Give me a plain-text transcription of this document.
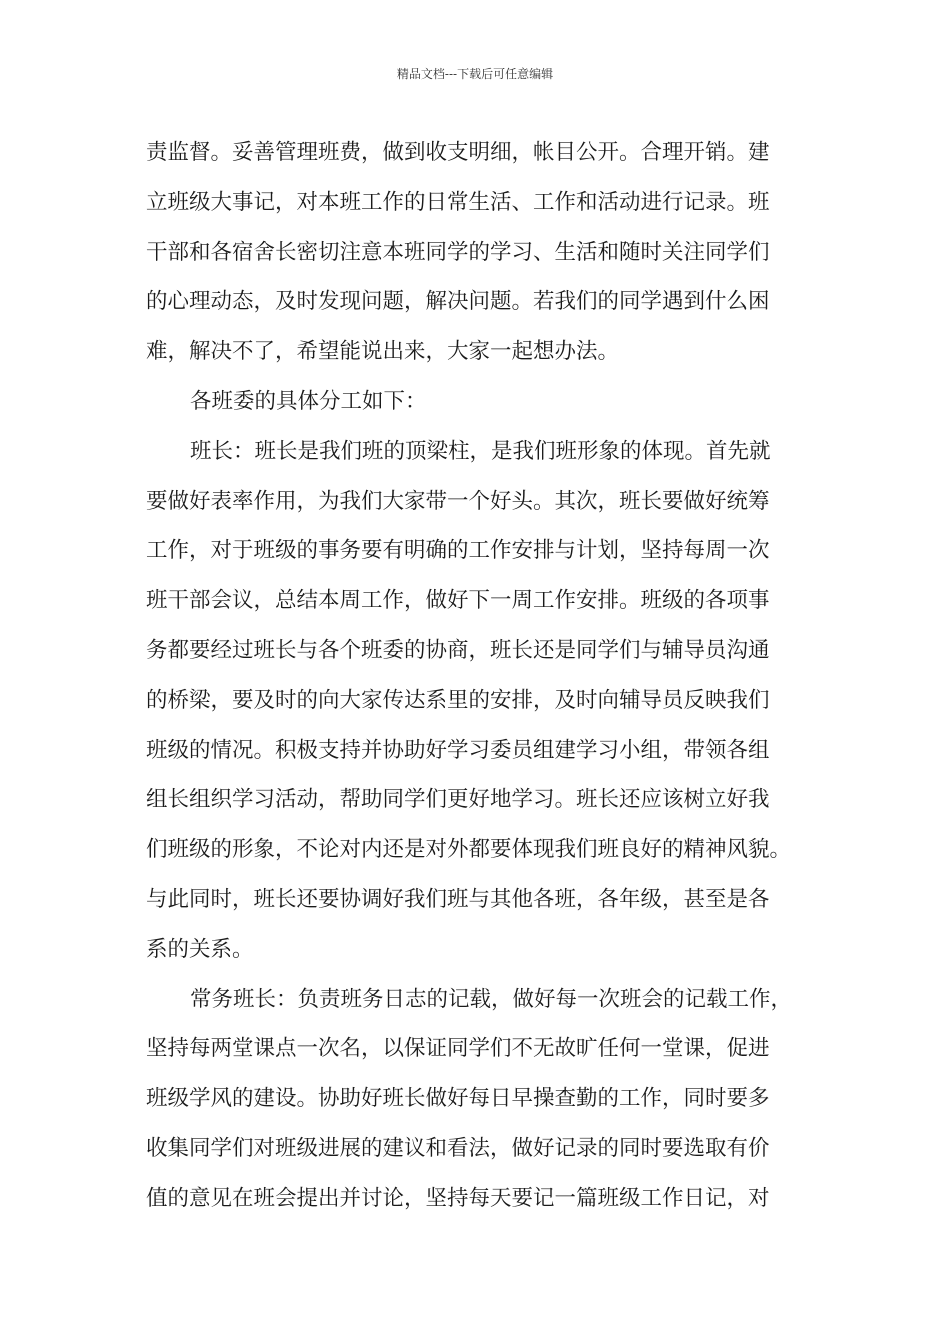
精品文档---下载后可任意编辑
责监督。妥善管理班费，做到收支明细，帐目公开。合理开销。建
立班级大事记，对本班工作的日常生活、工作和活动进行记录。班
干部和各宿舍长密切注意本班同学的学习、生活和随时关注同学们
的心理动态，及时发现问题，解决问题。若我们的同学遇到什么困
难，解决不了，希望能说出来，大家一起想办法。
各班委的具体分工如下：
班长：班长是我们班的顶梁柱，是我们班形象的体现。首先就
要做好表率作用，为我们大家带一个好头。其次，班长要做好统筹
工作，对于班级的事务要有明确的工作安排与计划，坚持每周一次
班干部会议，总结本周工作，做好下一周工作安排。班级的各项事
务都要经过班长与各个班委的协商，班长还是同学们与辅导员沟通
的桥梁，要及时的向大家传达系里的安排，及时向辅导员反映我们
班级的情况。积极支持并协助好学习委员组建学习小组，带领各组
组长组织学习活动，帮助同学们更好地学习。班长还应该树立好我
们班级的形象，不论对内还是对外都要体现我们班良好的精神风貌。
与此同时，班长还要协调好我们班与其他各班，各年级，甚至是各
系的关系。
常务班长：负责班务日志的记载，做好每一次班会的记载工作，
坚持每两堂课点一次名，以保证同学们不无故旷任何一堂课，促进
班级学风的建设。协助好班长做好每日早操查勤的工作，同时要多
收集同学们对班级进展的建议和看法，做好记录的同时要选取有价
值的意见在班会提出并讨论，坚持每天要记一篇班级工作日记，对
